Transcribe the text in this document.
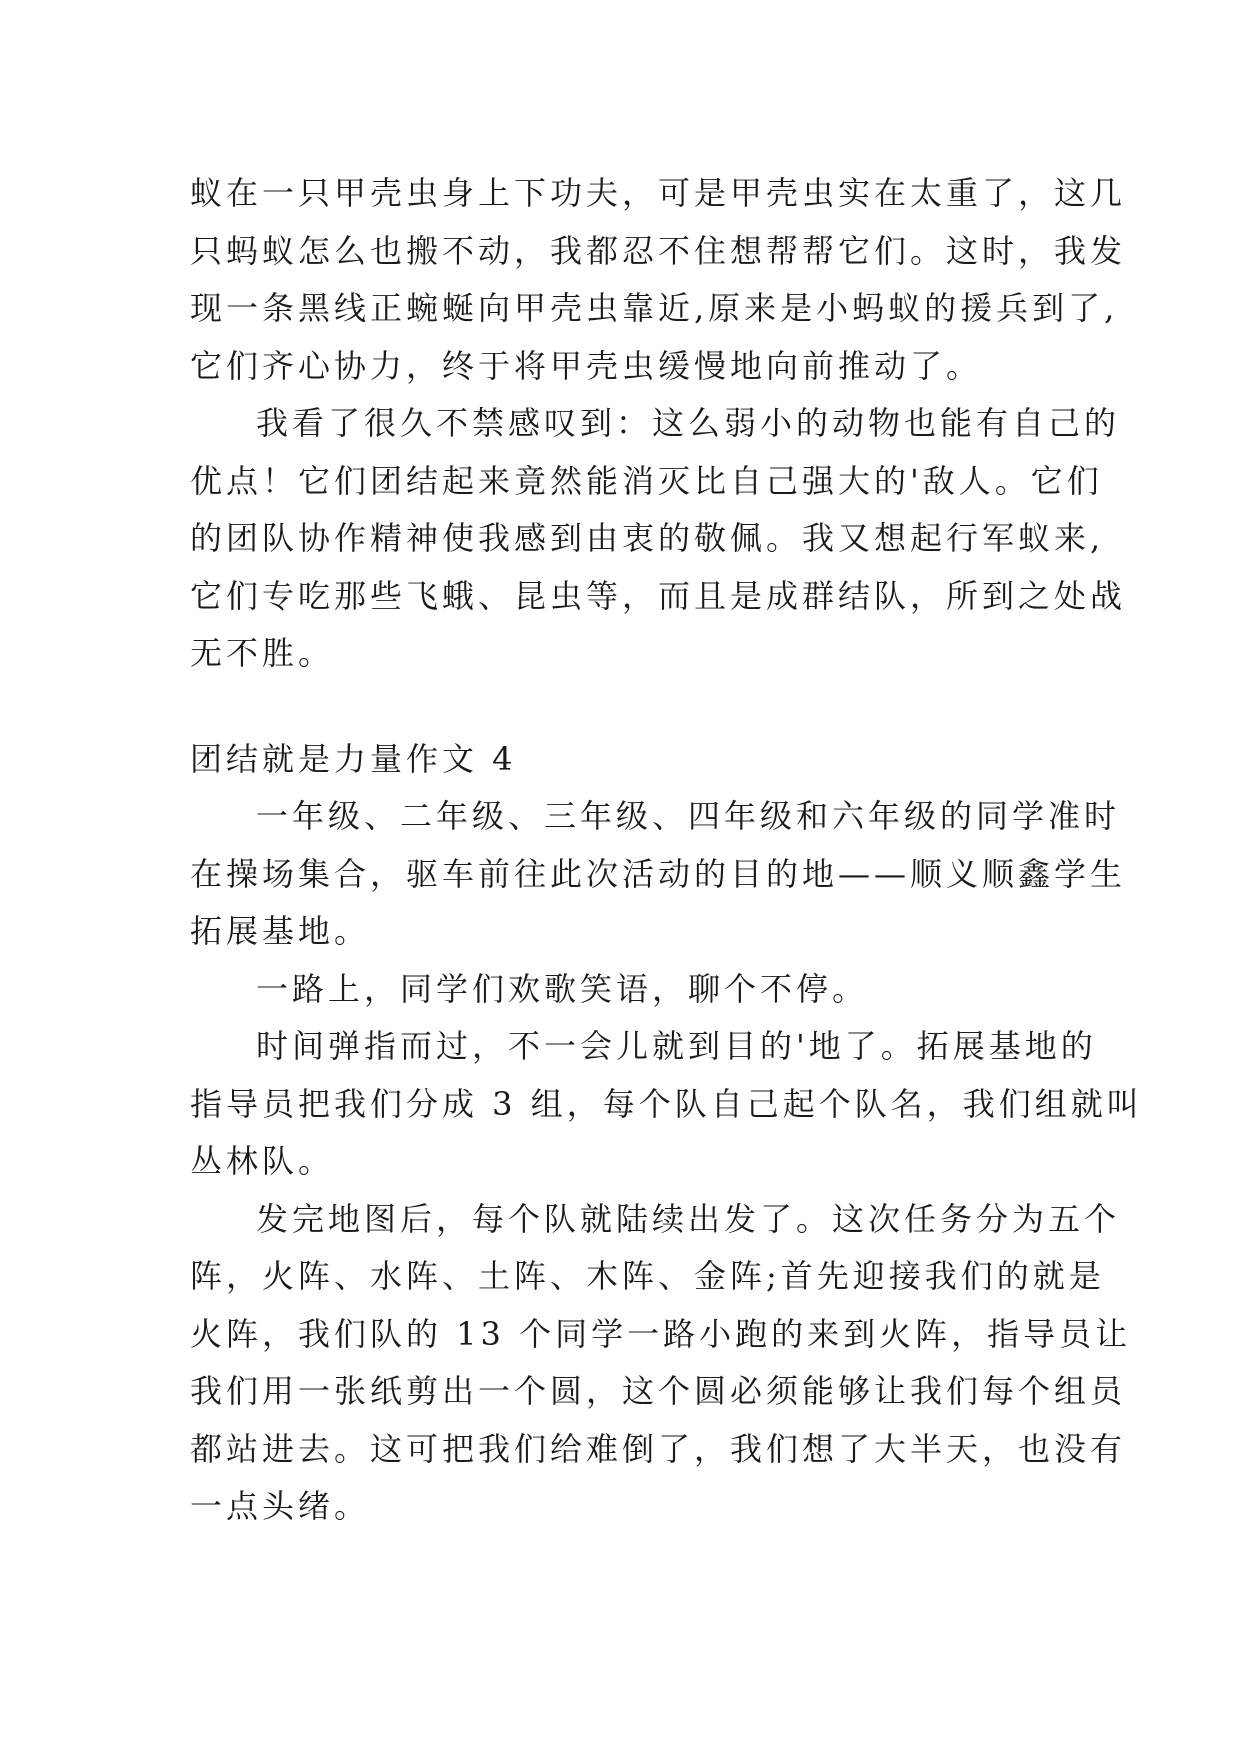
蚁在一只甲壳虫身上下功夫，可是甲壳虫实在太重了，这几
只蚂蚁怎么也搬不动，我都忍不住想帮帮它们。这时，我发
现一条黑线正蜿蜒向甲壳虫靠近,原来是小蚂蚁的援兵到了,
它们齐心协力，终于将甲壳虫缓慢地向前推动了。
我看了很久不禁感叹到：这么弱小的动物也能有自己的
优点！它们团结起来竟然能消灭比自己强大的'敌人。它们
的团队协作精神使我感到由衷的敬佩。我又想起行军蚁来,
它们专吃那些飞蛾、昆虫等，而且是成群结队，所到之处战
无不胜。
团结就是力量作文 4
一年级、二年级、三年级、四年级和六年级的同学准时
在操场集合，驱车前往此次活动的目的地——顺义顺鑫学生
拓展基地。
一路上，同学们欢歌笑语，聊个不停。
时间弹指而过，不一会儿就到目的'地了。拓展基地的
指导员把我们分成 3 组，每个队自己起个队名，我们组就叫
丛林队。
发完地图后，每个队就陆续出发了。这次任务分为五个
阵，火阵、水阵、土阵、木阵、金阵;首先迎接我们的就是
火阵，我们队的 13 个同学一路小跑的来到火阵，指导员让
我们用一张纸剪出一个圆，这个圆必须能够让我们每个组员
都站进去。这可把我们给难倒了，我们想了大半天，也没有
一点头绪。
